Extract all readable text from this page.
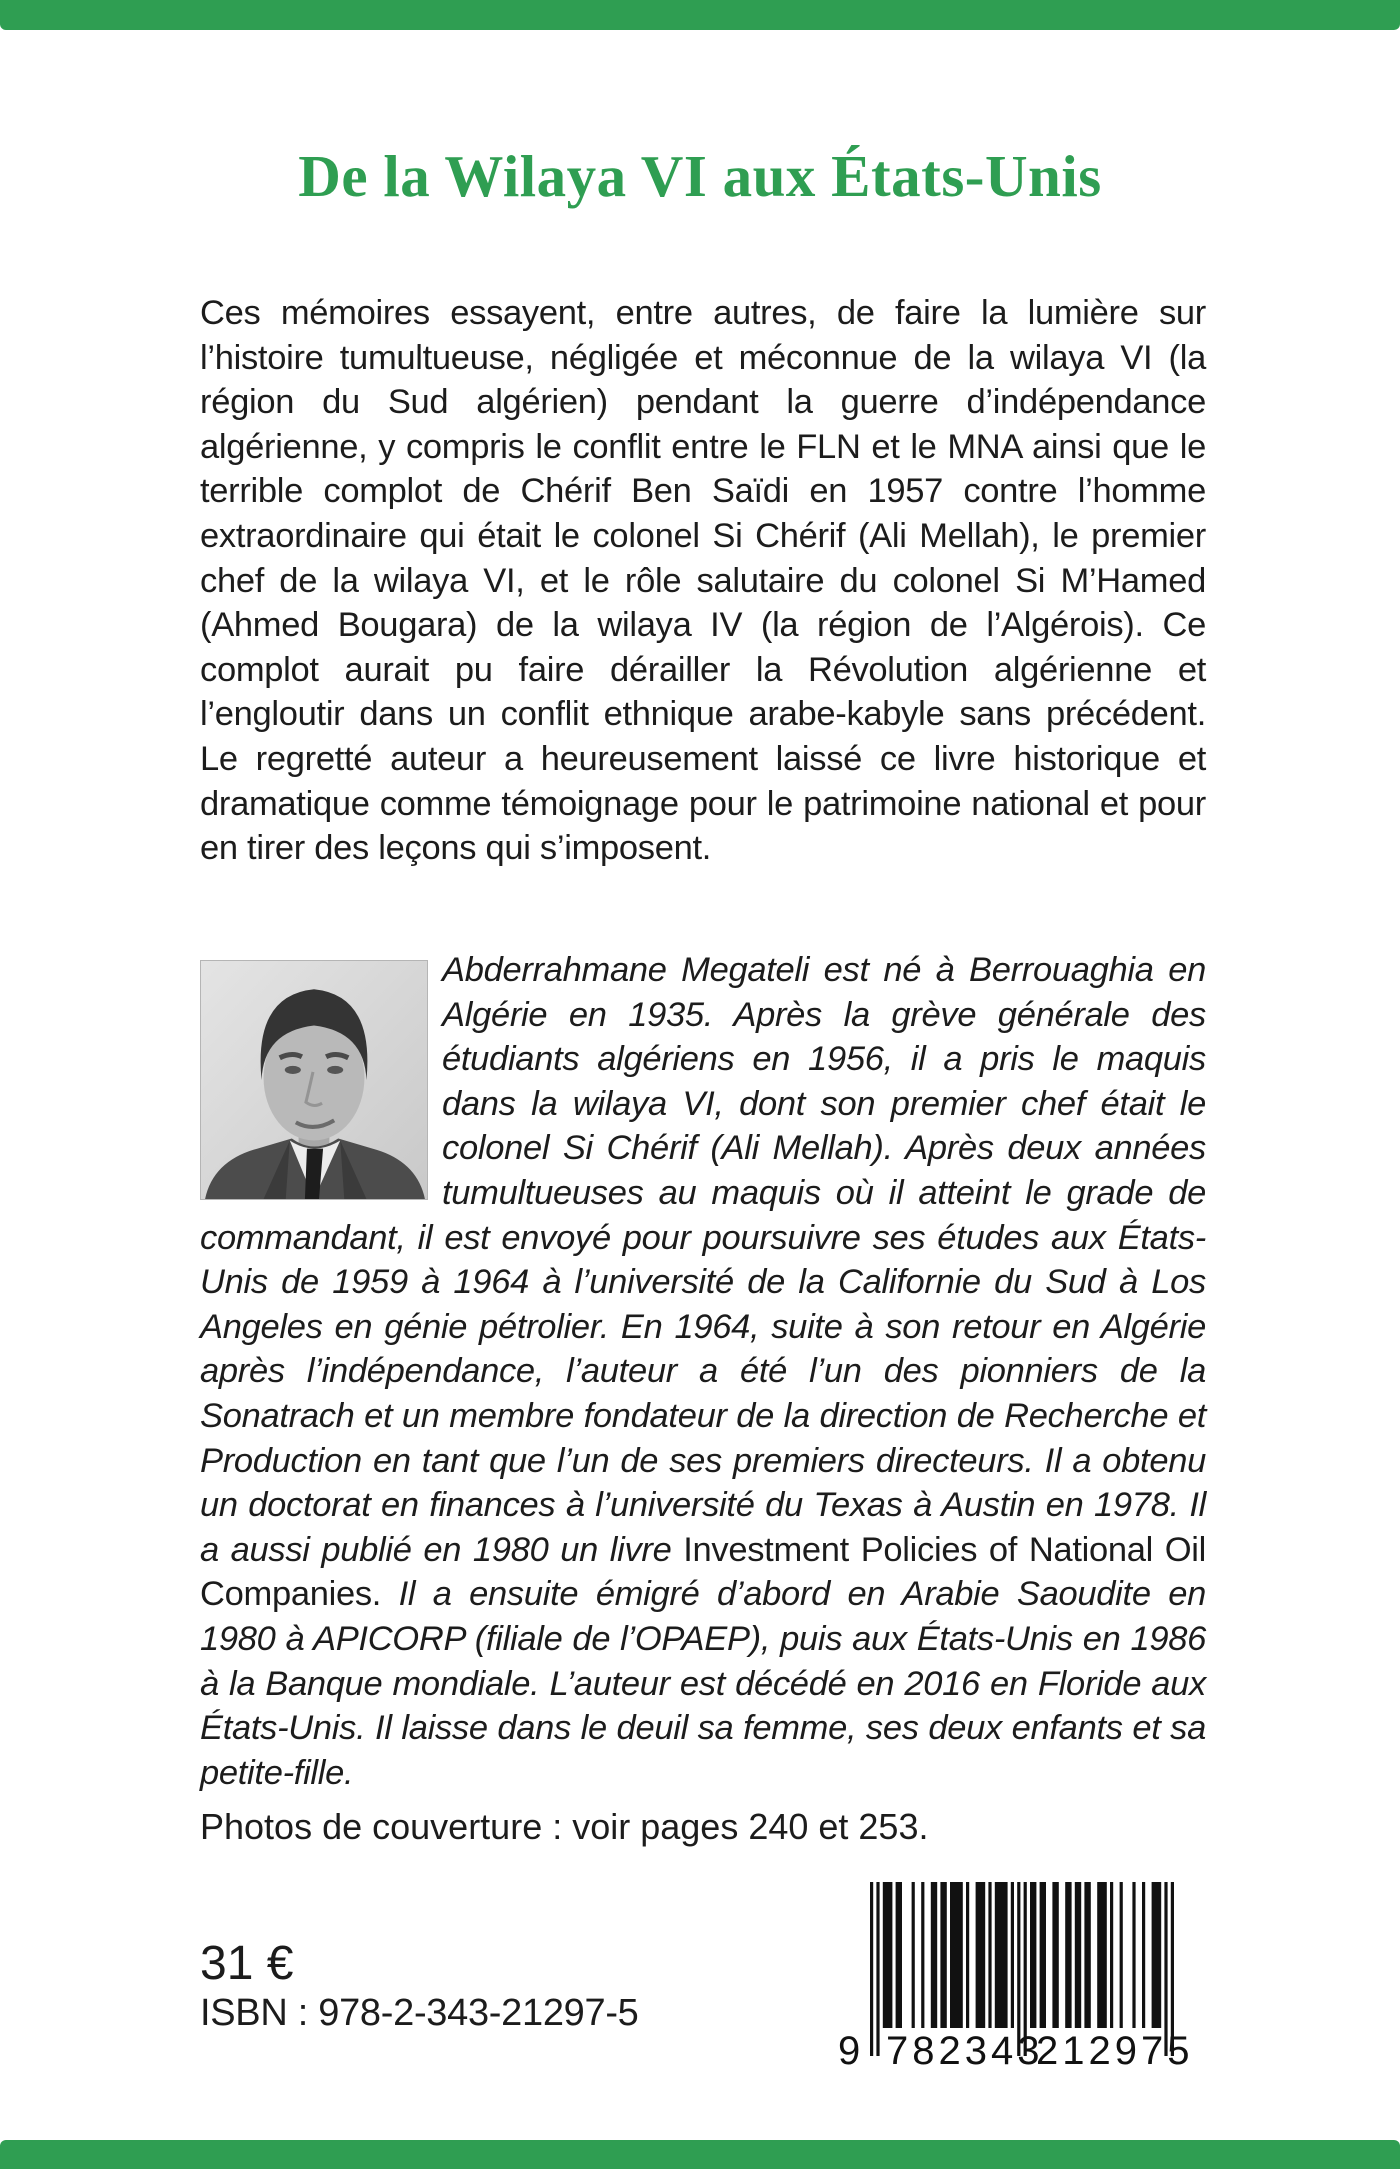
De la Wilaya VI aux États-Unis

Ces mémoires essayent, entre autres, de faire la lumière sur l’histoire tumultueuse, négligée et méconnue de la wilaya VI (la région du Sud algérien) pendant la guerre d’indépendance algérienne, y compris le conflit entre le FLN et le MNA ainsi que le terrible complot de Chérif Ben Saïdi en 1957 contre l’homme extraordinaire qui était le colonel Si Chérif (Ali Mellah), le premier chef de la wilaya VI, et le rôle salutaire du colonel Si M’Hamed (Ahmed Bougara) de la wilaya IV (la région de l’Algérois). Ce complot aurait pu faire dérailler la Révolution algérienne et l’engloutir dans un conflit ethnique arabe-kabyle sans précédent. Le regretté auteur a heureusement laissé ce livre historique et dramatique comme témoignage pour le patrimoine national et pour en tirer des leçons qui s’imposent.

Abderrahmane Megateli est né à Berrouaghia en Algérie en 1935. Après la grève générale des étudiants algériens en 1956, il a pris le maquis dans la wilaya VI, dont son premier chef était le colonel Si Chérif (Ali Mellah). Après deux années tumultueuses au maquis où il atteint le grade de commandant, il est envoyé pour poursuivre ses études aux États-Unis de 1959 à 1964 à l’université de la Californie du Sud à Los Angeles en génie pétrolier. En 1964, suite à son retour en Algérie après l’indépendance, l’auteur a été l’un des pionniers de la Sonatrach et un membre fondateur de la direction de Recherche et Production en tant que l’un de ses premiers directeurs. Il a obtenu un doctorat en finances à l’université du Texas à Austin en 1978. Il a aussi publié en 1980 un livre Investment Policies of National Oil Companies. Il a ensuite émigré d’abord en Arabie Saoudite en 1980 à APICORP (filiale de l’OPAEP), puis aux États-Unis en 1986 à la Banque mondiale. L’auteur est décédé en 2016 en Floride aux États-Unis. Il laisse dans le deuil sa femme, ses deux enfants et sa petite-fille.

Photos de couverture : voir pages 240 et 253.

31 €
ISBN : 978-2-343-21297-5
9 782343
212975
